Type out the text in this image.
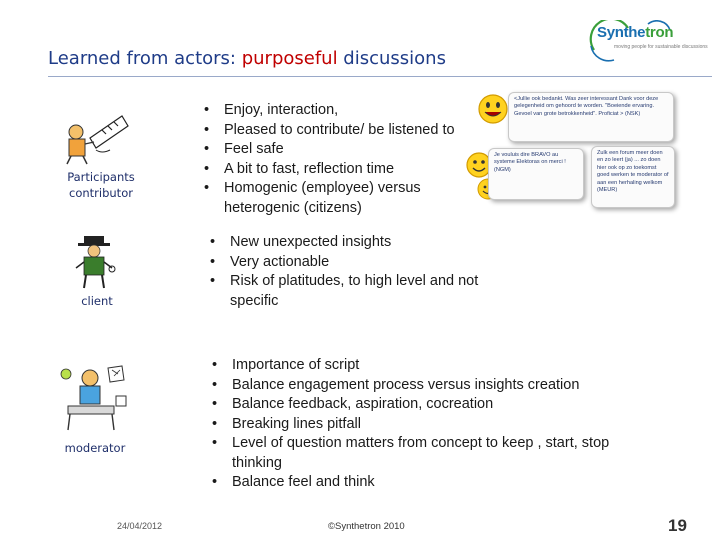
Learned from actors: purposeful discussions
Synthetron
moving people for sustainable discussions
Participants
contributor
• Enjoy, interaction,
• Pleased to contribute/ be listened to
• Feel safe
• A bit to fast, reflection time
• Homogenic (employee) versus
heterogenic (citizens)
<Jullie ook bedankt. Was zeer interessant Dank voor deze gelegenheid om gehoord te worden. "Boeiende ervaring. Gevoel van grote betrokkenheid". Proficiat > (NSK)
Je vouluis dire BRAVO au systeme Elektoras on merci ! (NGM)
Zulk een forum meer doen en zo leert (ja) ... zo doen hier ook op zo toekomst goed werken te moderator of aan een herhaling welkom (MEUR)
client
• New unexpected insights
• Very actionable
• Risk of platitudes, to high level and not
specific
moderator
• Importance of script
• Balance engagement process versus insights creation
• Balance feedback, aspiration, cocreation
• Breaking lines pitfall
• Level of question matters from concept to keep , start, stop
thinking
• Balance feel and think
24/04/2012	©Synthetron 2010	19
